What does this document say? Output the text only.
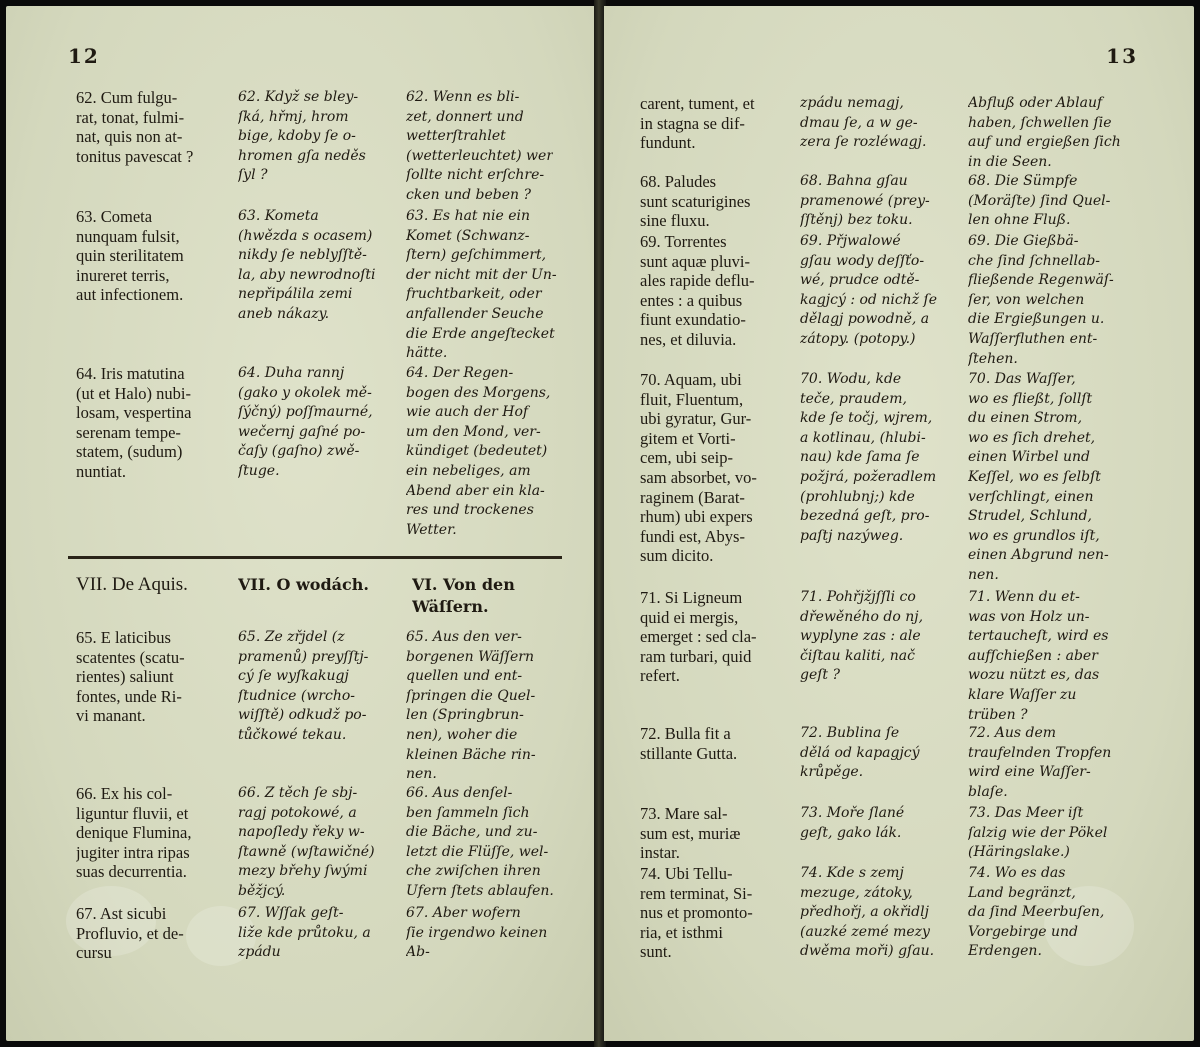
12
62. Cum fulgu-
rat, tonat, fulmi-
nat, quis non at-
tonitus pavescat ?
62. Když se bley-
ſká, hřmj, hrom
bige, kdoby ſe o-
hromen gſa neděs
ſyl ?
62. Wenn es bli-
zet, donnert und
wetterſtrahlet
(wetterleuchtet) wer
ſollte nicht erſchre-
cken und beben ?
63. Cometa
nunquam fulsit,
quin sterilitatem
inureret terris,
aut infectionem.
63. Kometa
(hwězda s ocasem)
nikdy ſe neblyſſtě-
la, aby newrodnoſti
nepřipálila zemi
aneb nákazy.
63. Es hat nie ein
Komet (Schwanz-
ſtern) geſchimmert,
der nicht mit der Un-
fruchtbarkeit, oder
anfallender Seuche
die Erde angeſtecket
hätte.
64. Iris matutina
(ut et Halo) nubi-
losam, vespertina
serenam tempe-
statem, (sudum)
nuntiat.
64. Duha rannj
(gako y okolek mě-
ſýčný) poſſmaurné,
wečernj gaſné po-
čaſy (gaſno) zwě-
ſtuge.
64. Der Regen-
bogen des Morgens,
wie auch der Hof
um den Mond, ver-
kündiget (bedeutet)
ein nebeliges, am
Abend aber ein kla-
res und trockenes
Wetter.
VII. De Aquis.	VII. O wodách.	VI. Von den
Wäſſern.
65. E laticibus
scatentes (scatu-
rientes) saliunt
fontes, unde Ri-
vi manant.
65. Ze zřjdel (z
pramenů) preyſſtj-
cý ſe wyſkakugj
ſtudnice (wrcho-
wiſſtě) odkudž po-
tůčkowé tekau.
65. Aus den ver-
borgenen Wäſſern
quellen und ent-
ſpringen die Quel-
len (Springbrun-
nen), woher die
kleinen Bäche rin-
nen.
66. Ex his col-
liguntur fluvii, et
denique Flumina,
jugiter intra ripas
suas decurrentia.
66. Z těch ſe sbj-
ragj potokowé, a
napoſledy řeky w-
ſtawně (wſtawičné)
mezy břehy ſwými
běžjcý.
66. Aus denſel-
ben ſammeln ſich
die Bäche, und zu-
letzt die Flüſſe, wel-
che zwiſchen ihren
Ufern ſtets ablaufen.
67. Ast sicubi
Profluvio, et de-
cursu
67. Wſſak geſt-
liže kde průtoku, a
zpádu
67. Aber wofern
ſie irgendwo keinen
Ab-
13
carent, tument, et
in stagna se dif-
fundunt.
zpádu nemagj,
dmau ſe, a w ge-
zera ſe rozléwagj.
Abfluß oder Ablauf
haben, ſchwellen ſie
auf und ergießen ſich
in die Seen.
68. Paludes
sunt scaturigines
sine fluxu.
68. Bahna gſau
pramenowé (prey-
ſſtěnj) bez toku.
68. Die Sümpfe
(Moräſte) ſind Quel-
len ohne Fluß.
69. Torrentes
sunt aquæ pluvi-
ales rapide deflu-
entes : a quibus
fiunt exundatio-
nes, et diluvia.
69. Přjwalowé
gſau wody deſſťo-
wé, prudce odtě-
kagjcý : od nichž ſe
dělagj powodně, a
zátopy. (potopy.)
69. Die Gießbä-
che ſind ſchnellab-
fließende Regenwäſ-
ſer, von welchen
die Ergießungen u.
Waſſerfluthen ent-
ſtehen.
70. Aquam, ubi
fluit, Fluentum,
ubi gyratur, Gur-
gitem et Vorti-
cem, ubi seip-
sam absorbet, vo-
raginem (Barat-
rhum) ubi expers
fundi est, Abys-
sum dicito.
70. Wodu, kde
teče, praudem,
kde ſe točj, wjrem,
a kotlinau, (hlubi-
nau) kde ſama ſe
požjrá, požeradlem
(prohlubnj;) kde
bezedná geſt, pro-
paſtj nazýweg.
70. Das Waſſer,
wo es fließt, ſollſt
du einen Strom,
wo es ſich drehet,
einen Wirbel und
Keſſel, wo es ſelbſt
verſchlingt, einen
Strudel, Schlund,
wo es grundlos iſt,
einen Abgrund nen-
nen.
71. Si Ligneum
quid ei mergis,
emerget : sed cla-
ram turbari, quid
refert.
71. Pohřjžjſſli co
dřewěného do nj,
wyplyne zas : ale
čiſtau kaliti, nač
geſt ?
71. Wenn du et-
was von Holz un-
tertaucheſt, wird es
aufſchießen : aber
wozu nützt es, das
klare Waſſer zu
trüben ?
72. Bulla fit a
stillante Gutta.
72. Bublina ſe
dělá od kapagjcý
krůpěge.
72. Aus dem
traufelnden Tropfen
wird eine Waſſer-
blaſe.
73. Mare sal-
sum est, muriæ
instar.
73. Moře ſlané
geſt, gako lák.
73. Das Meer iſt
ſalzig wie der Pökel
(Häringslake.)
74. Ubi Tellu-
rem terminat, Si-
nus et promonto-
ria, et isthmi
sunt.
74. Kde s zemj
mezuge, zátoky,
předhořj, a okřidlj
(auzké zemé mezy
dwěma moři) gſau.
74. Wo es das
Land begränzt,
da ſind Meerbuſen,
Vorgebirge und
Erdengen.
